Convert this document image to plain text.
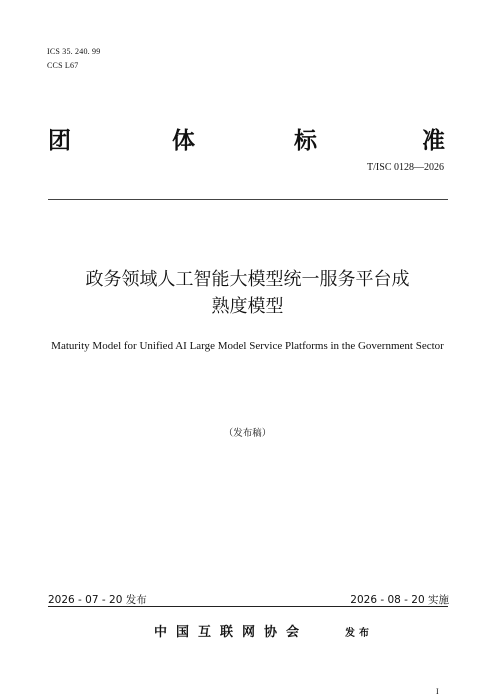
ICS 35. 240. 99
CCS L67
团	体	标	准
T/ISC 0128—2026
政务领域人工智能大模型统一服务平台成
熟度模型
Maturity Model for Unified AI Large Model Service Platforms in the Government Sector
（发布稿）
2026 - 07 - 20 发布	2026 - 08 - 20 实施
中国互联网协会	发布
I
